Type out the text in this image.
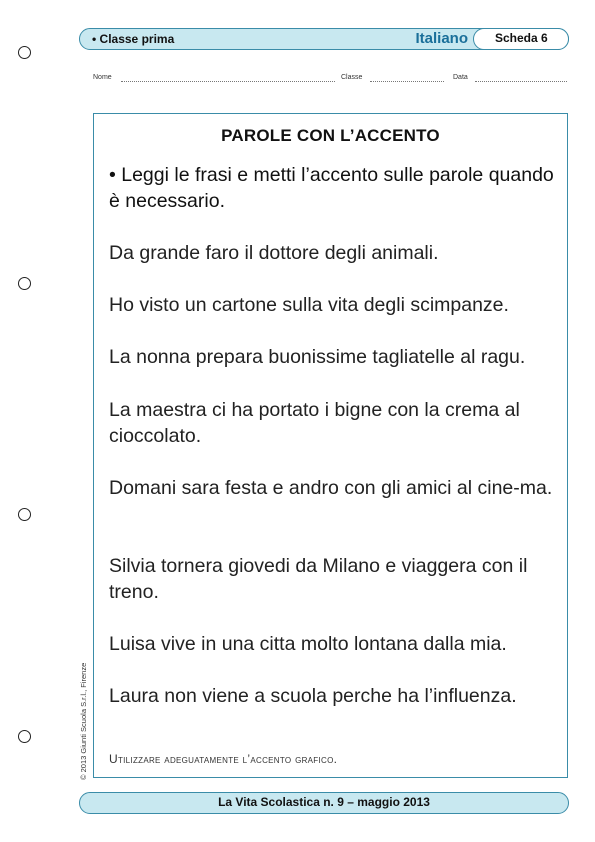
• Classe prima	Italiano	Scheda 6
Nome	Classe	Data
PAROLE CON L’ACCENTO
• Leggi le frasi e metti l’accento sulle parole quando è necessario.
Da grande faro il dottore degli animali.
Ho visto un cartone sulla vita degli scimpanze.
La nonna prepara buonissime tagliatelle al ragu.
La maestra ci ha portato i bigne con la crema al cioccolato.
Domani sara festa e andro con gli amici al cine-ma.
Silvia tornera giovedi da Milano e viaggera con il treno.
Luisa vive in una citta molto lontana dalla mia.
Laura non viene a scuola perche ha l’influenza.
Utilizzare adeguatamente l’accento grafico.
© 2013 Giunti Scuola S.r.l., Firenze
La Vita Scolastica n. 9 – maggio 2013
